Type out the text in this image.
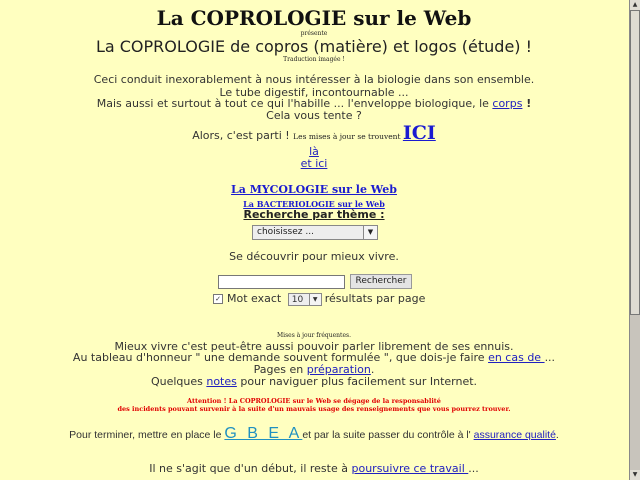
La COPROLOGIE sur le Web
présente
La COPROLOGIE de copros (matière) et logos (étude) !
Traduction imagée !
Ceci conduit inexorablement à nous intéresser à la biologie dans son ensemble.
Le tube digestif, incontournable ...
Mais aussi et surtout à tout ce qui l'habille ... l'enveloppe biologique, le corps !
Cela vous tente ?
Alors, c'est parti ! Les mises à jour se trouvent ICI
là
et ici
La MYCOLOGIE sur le Web
La BACTERIOLOGIE sur le Web
Recherche par thème :
choisissez ...	▼
Se découvrir pour mieux vivre.
Rechercher
✓ Mot exact 10	▼ résultats par page
Mises à jour fréquentes.
Mieux vivre c'est peut-être aussi pouvoir parler librement de ses ennuis.
Au tableau d'honneur " une demande souvent formulée ", que dois-je faire en cas de ...
Pages en préparation.
Quelques notes pour naviguer plus facilement sur Internet.
Attention ! La COPROLOGIE sur le Web se dégage de la responsablité
des incidents pouvant survenir à la suite d'un mauvais usage des renseignements que vous pourrez trouver.
Pour terminer, mettre en place le G B E Aet par la suite passer du contrôle à l' assurance qualité.
Il ne s'agit que d'un début, il reste à poursuivre ce travail ...
▲
▼
